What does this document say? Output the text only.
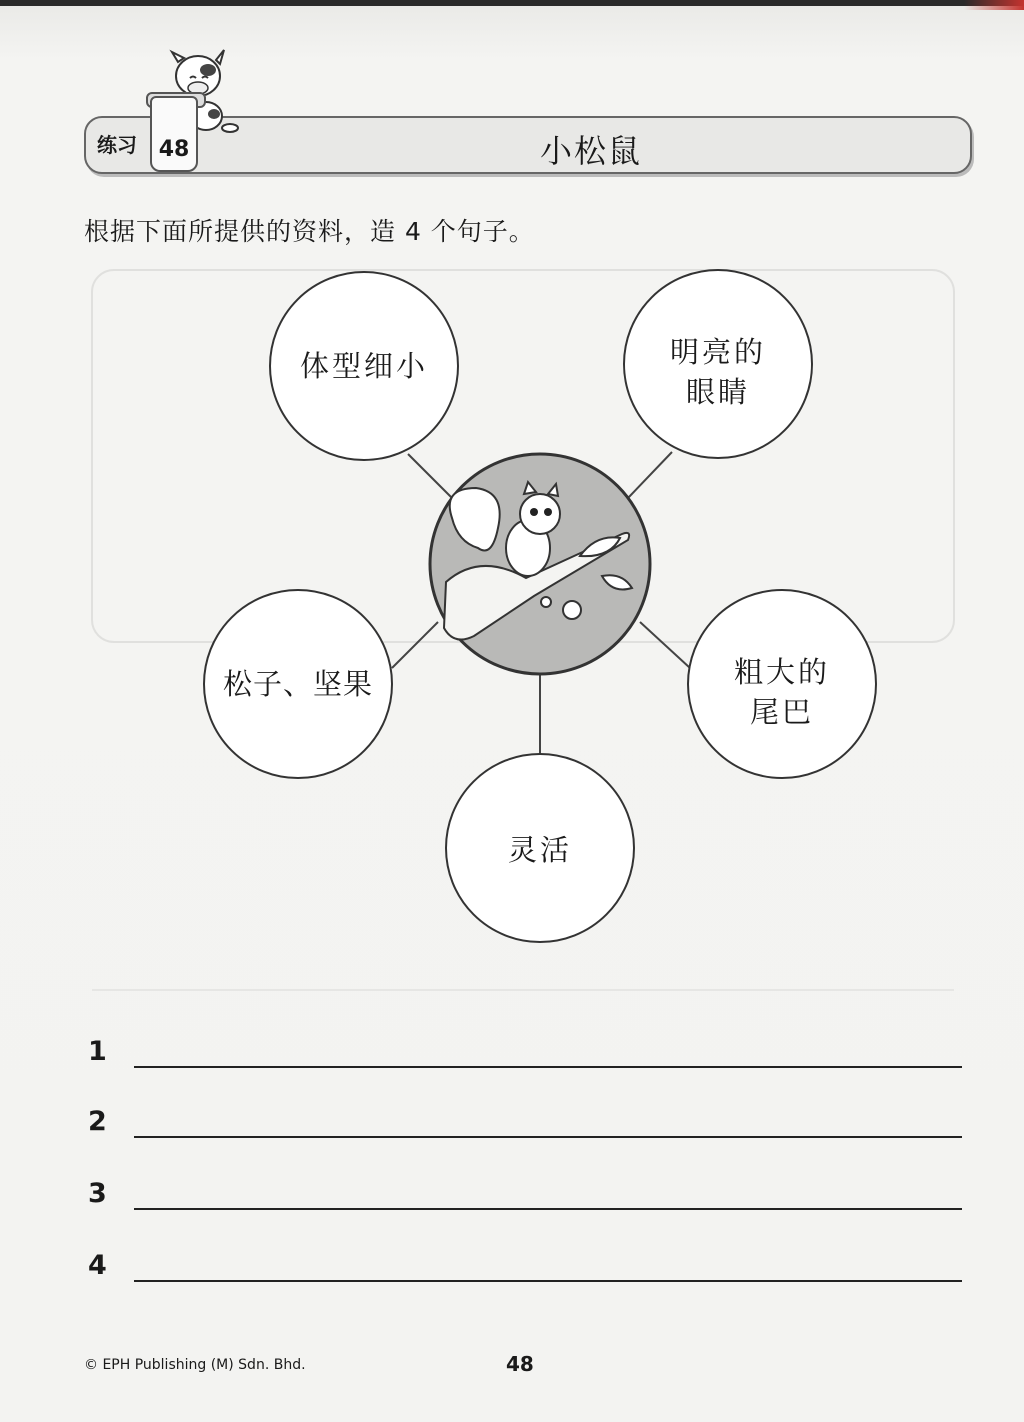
48
练习	小松鼠
根据下面所提供的资料，造 4 个句子。
体型细小	明亮的
眼睛
松子、坚果	粗大的
尾巴
灵活
1
2
3
4
© EPH Publishing (M) Sdn. Bhd.	48
